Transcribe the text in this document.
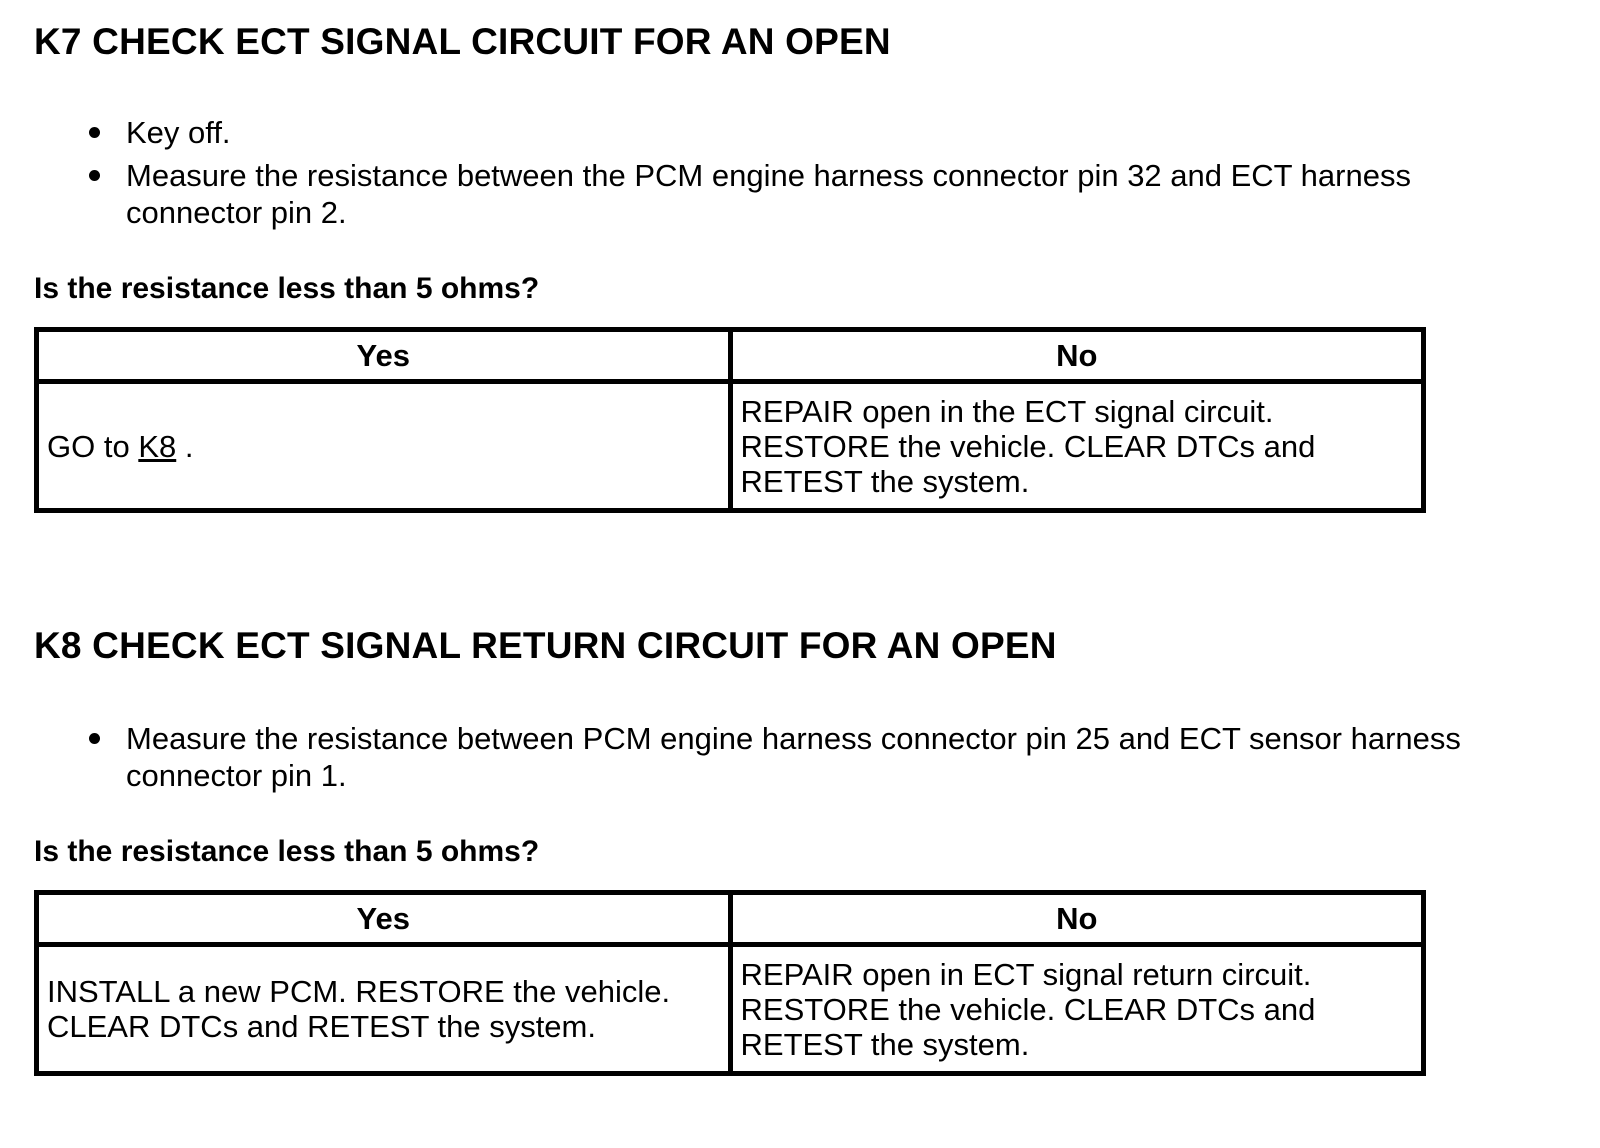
K7 CHECK ECT SIGNAL CIRCUIT FOR AN OPEN
Key off.
Measure the resistance between the PCM engine harness connector pin 32 and ECT harness connector pin 2.

Is the resistance less than 5 ohms?

Yes	No
GO to K8 .	REPAIR open in the ECT signal circuit. RESTORE the vehicle. CLEAR DTCs and RETEST the system.
K8 CHECK ECT SIGNAL RETURN CIRCUIT FOR AN OPEN
Measure the resistance between PCM engine harness connector pin 25 and ECT sensor harness connector pin 1.

Is the resistance less than 5 ohms?

Yes	No
INSTALL a new PCM. RESTORE the vehicle. CLEAR DTCs and RETEST the system.	REPAIR open in ECT signal return circuit. RESTORE the vehicle. CLEAR DTCs and RETEST the system.
